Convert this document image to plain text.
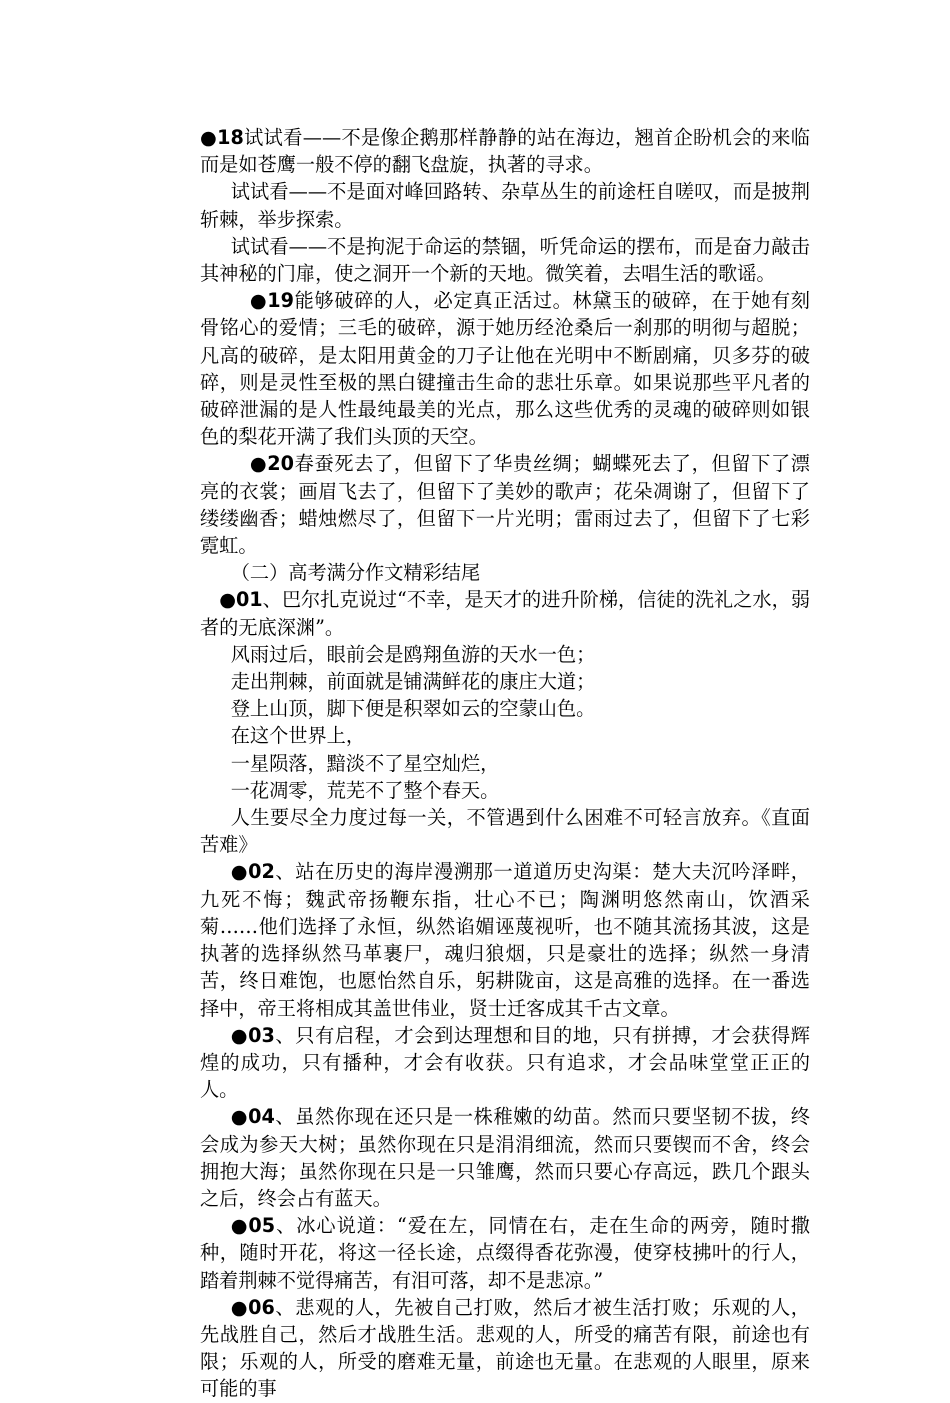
●18试试看——不是像企鹅那样静静的站在海边，翘首企盼机会的来临而是如苍鹰一般不停的翻飞盘旋，执著的寻求。

试试看——不是面对峰回路转、杂草丛生的前途枉自嗟叹，而是披荆斩棘，举步探索。

试试看——不是拘泥于命运的禁锢，听凭命运的摆布，而是奋力敲击其神秘的门扉，使之洞开一个新的天地。微笑着，去唱生活的歌谣。

●19能够破碎的人，必定真正活过。林黛玉的破碎，在于她有刻骨铭心的爱情；三毛的破碎，源于她历经沧桑后一刹那的明彻与超脱；凡高的破碎，是太阳用黄金的刀子让他在光明中不断剧痛，贝多芬的破碎，则是灵性至极的黑白键撞击生命的悲壮乐章。如果说那些平凡者的破碎泄漏的是人性最纯最美的光点，那么这些优秀的灵魂的破碎则如银色的梨花开满了我们头顶的天空。

●20春蚕死去了，但留下了华贵丝绸；蝴蝶死去了，但留下了漂亮的衣裳；画眉飞去了，但留下了美妙的歌声；花朵凋谢了，但留下了缕缕幽香；蜡烛燃尽了，但留下一片光明；雷雨过去了，但留下了七彩霓虹。

（二）高考满分作文精彩结尾

●01、巴尔扎克说过“不幸，是天才的进升阶梯，信徒的洗礼之水，弱者的无底深渊”。

风雨过后，眼前会是鸥翔鱼游的天水一色；
走出荆棘，前面就是铺满鲜花的康庄大道；
登上山顶，脚下便是积翠如云的空蒙山色。
在这个世界上，
一星陨落，黯淡不了星空灿烂，
一花凋零，荒芜不了整个春天。

人生要尽全力度过每一关，不管遇到什么困难不可轻言放弃。《直面苦难》

●02、站在历史的海岸漫溯那一道道历史沟渠：楚大夫沉吟泽畔，九死不悔；魏武帝扬鞭东指，壮心不已；陶渊明悠然南山，饮酒采菊……他们选择了永恒，纵然谄媚诬蔑视听，也不随其流扬其波，这是执著的选择纵然马革裹尸，魂归狼烟，只是豪壮的选择；纵然一身清苦，终日难饱，也愿怡然自乐，躬耕陇亩，这是高雅的选择。在一番选择中，帝王将相成其盖世伟业，贤士迁客成其千古文章。

●03、只有启程，才会到达理想和目的地，只有拼搏，才会获得辉煌的成功，只有播种，才会有收获。只有追求，才会品味堂堂正正的人。

●04、虽然你现在还只是一株稚嫩的幼苗。然而只要坚韧不拔，终会成为参天大树；虽然你现在只是涓涓细流，然而只要锲而不舍，终会拥抱大海；虽然你现在只是一只雏鹰，然而只要心存高远，跌几个跟头之后，终会占有蓝天。

●05、冰心说道：“爱在左，同情在右，走在生命的两旁，随时撒种，随时开花，将这一径长途，点缀得香花弥漫，使穿枝拂叶的行人，踏着荆棘不觉得痛苦，有泪可落，却不是悲凉。”

●06、悲观的人，先被自己打败，然后才被生活打败；乐观的人，先战胜自己，然后才战胜生活。悲观的人，所受的痛苦有限，前途也有限；乐观的人，所受的磨难无量，前途也无量。在悲观的人眼里，原来可能的事
